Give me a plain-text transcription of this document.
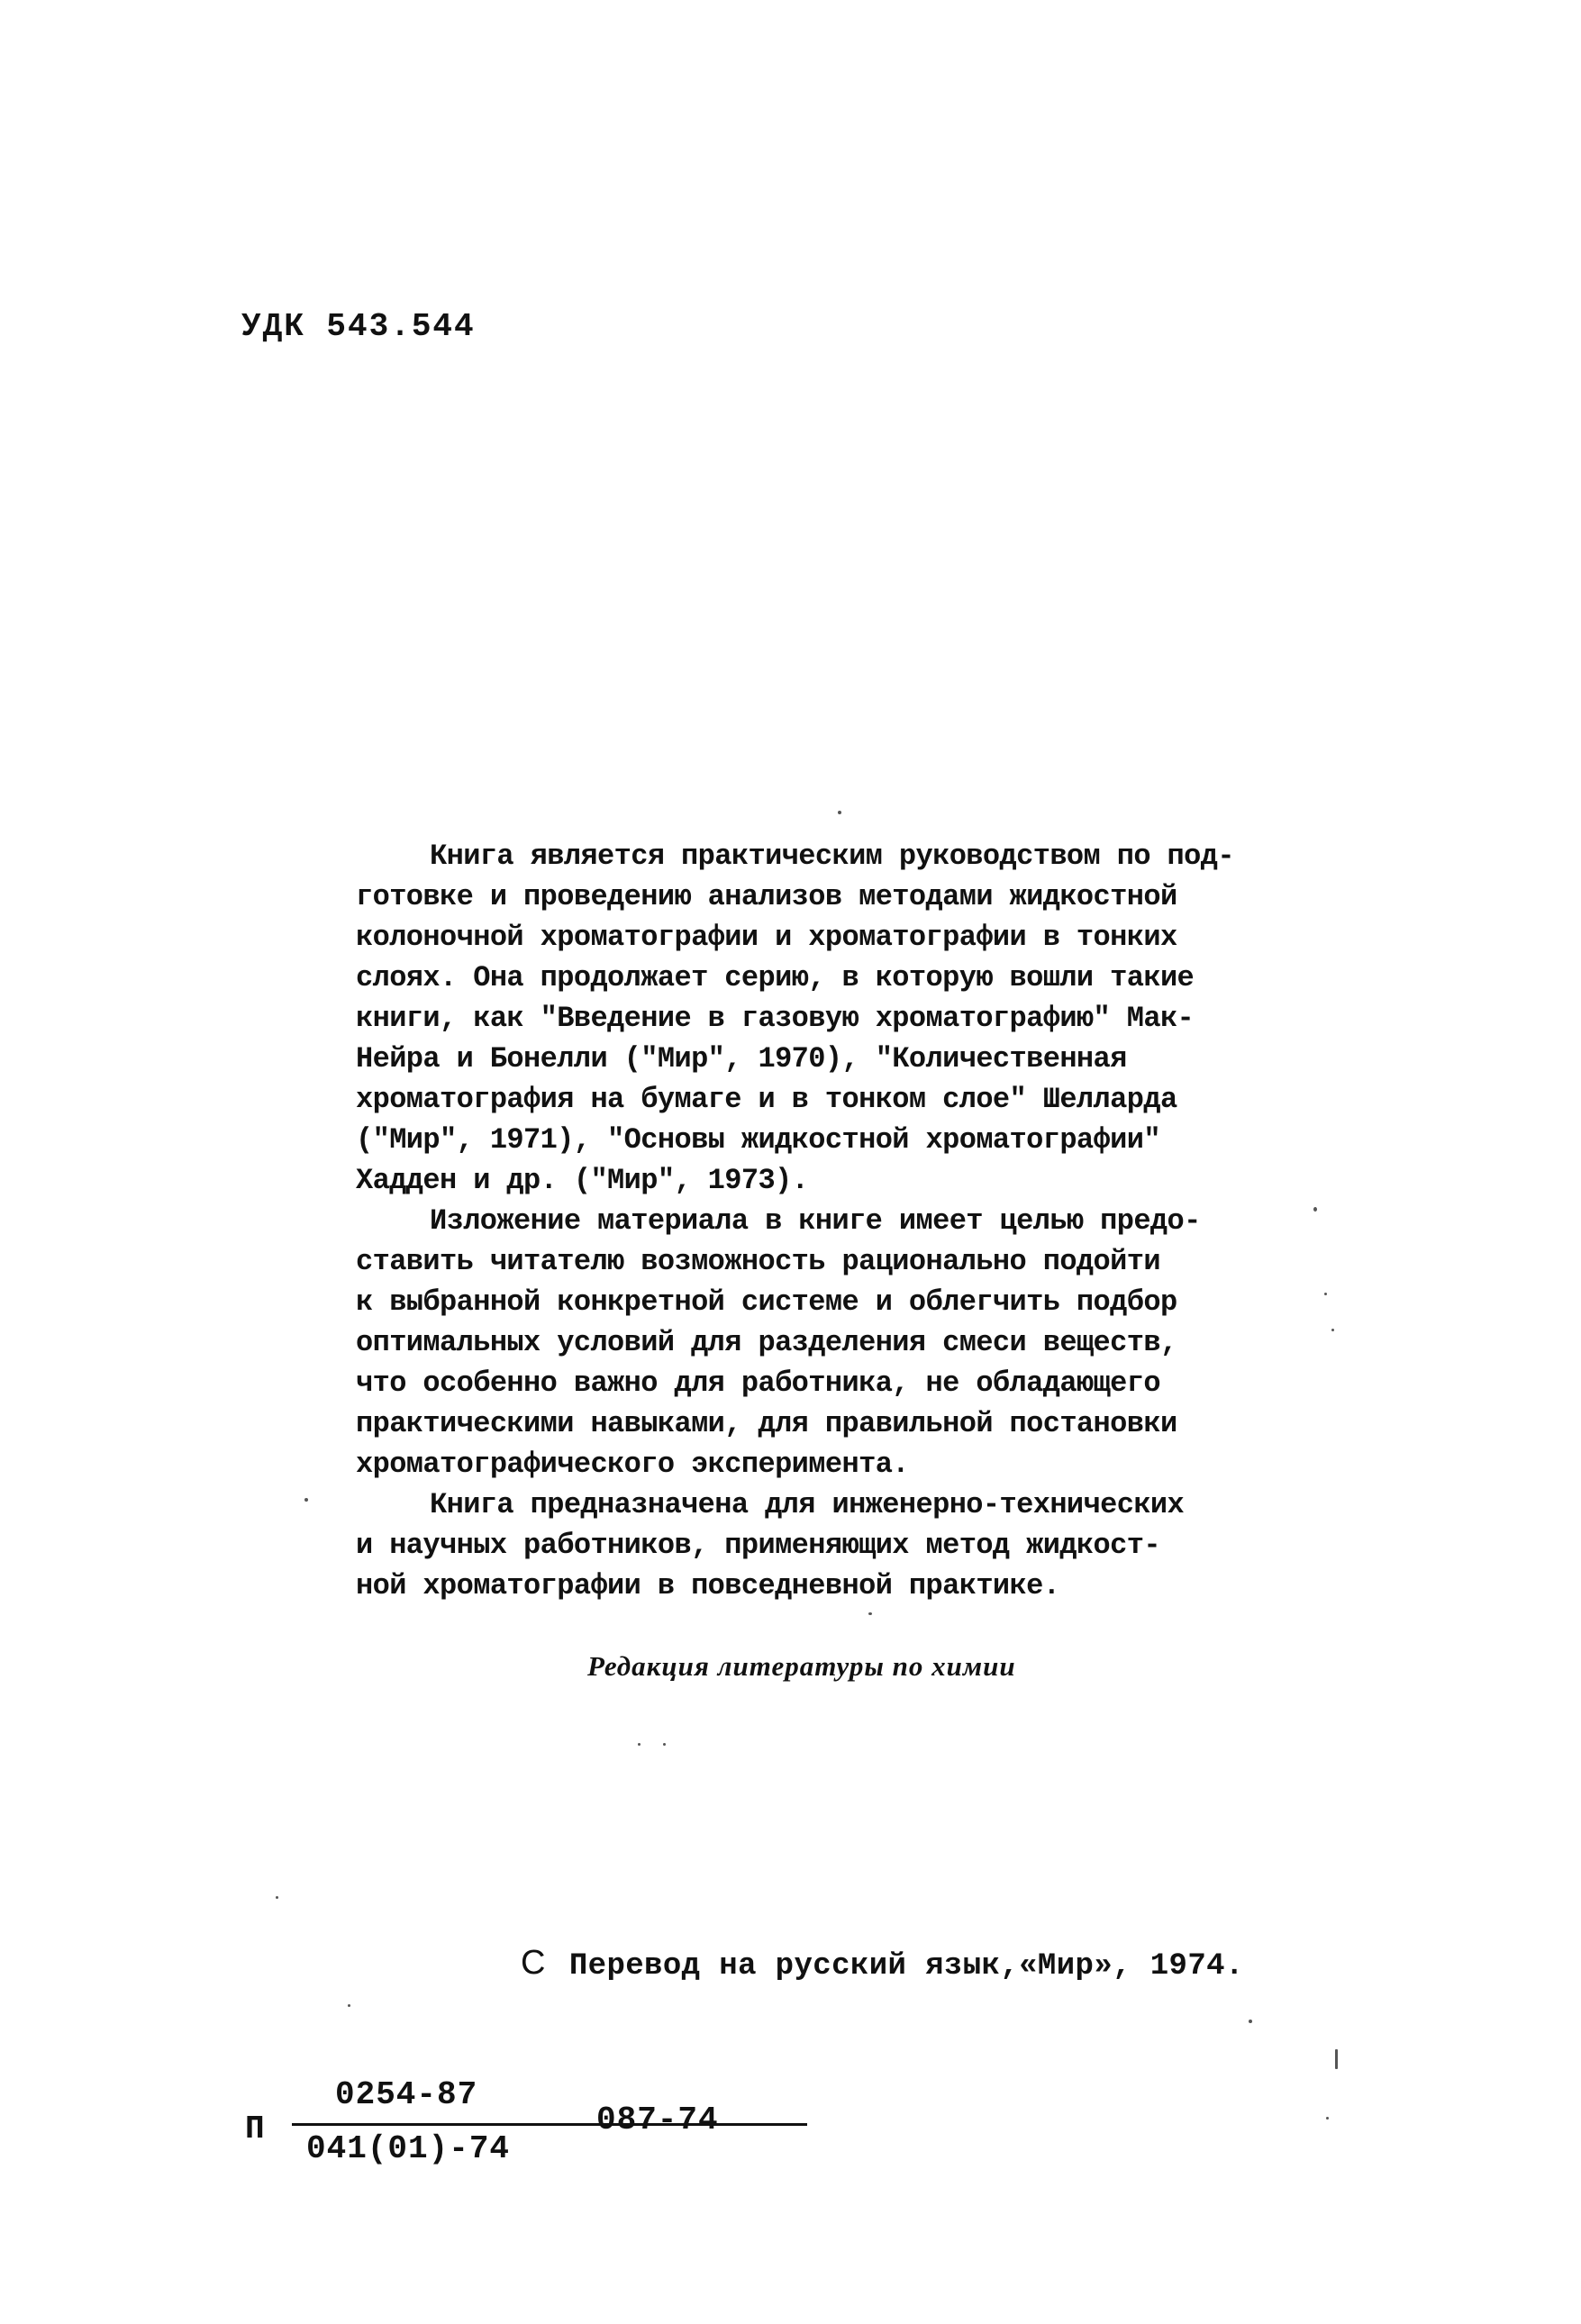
УДК 543.544

Книга является практическим руководством по под-

готовке и проведению анализов методами жидкостной

колоночной хроматографии и хроматографии в тонких

слоях. Она продолжает серию, в которую вошли такие

книги, как "Введение в газовую хроматографию" Мак-

Нейра и Бонелли ("Мир", 1970), "Количественная

хроматография на бумаге и в тонком слое" Шелларда

("Мир", 1971), "Основы жидкостной хроматографии"

Хадден и др. ("Мир", 1973).

Изложение материала в книге имеет целью предо-

ставить читателю возможность рационально подойти

к выбранной конкретной системе и облегчить подбор

оптимальных условий для разделения смеси веществ,

что особенно важно для работника, не обладающего

практическими навыками, для правильной постановки

хроматографического эксперимента.

Книга предназначена для инженерно-технических

и научных работников, применяющих метод жидкост-

ной хроматографии в повседневной практике.

Редакция литературы по химии
С Перевод на русский язык,«Мир», 1974.
П
0254-87
041(01)-74
087-74
